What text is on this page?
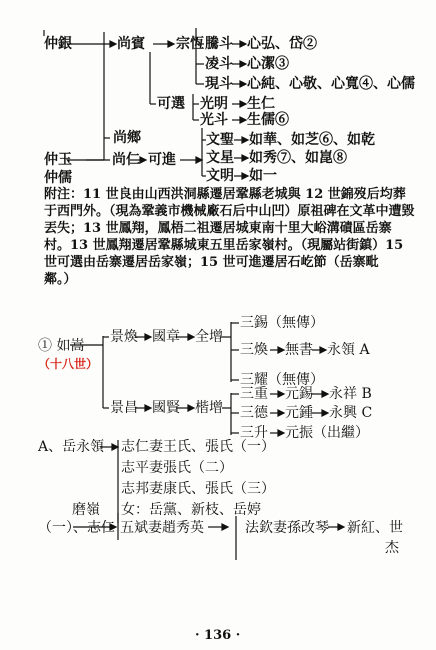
仲銀	尚賓 宗恆 騰斗
凌斗
現斗
心弘、岱②
心潔③
心純、心敬、心寬④、心儒
可選 光明
光斗
生仁
生儒⑥
尚鄉
仲玉	尚仁 可進
仲儒
文聖
文星
文明
如華、如芝⑥、如乾
如秀⑦、如崑⑧
如一

附注：11 世良由山西洪洞縣遷居鞏縣老城與 12 世錦歿后均葬

于西門外。（現為鞏義市機械廠石后中山凹）原祖碑在文革中遭毀

丟失；13 世鳳翔，鳳梧二祖遷居城東南十里大峪溝磧區岳寨

村。13 世鳳翔遷居鞏縣城東五里岳家嶺村。（現屬站街鎮）15

世可選由岳寨遷居岳家嶺；15 世可進遷居石屹節（岳寨毗

鄰。）

① 如嵩
（十八世）
景煥 國章 全增
三錫（無傳）
三煥 無書 永領 A
三耀（無傳）
景昌 國賢 楷增
三重
三德
三升
元錫
元鍾
元振（出繼）
永祥 B
永興 C
A、岳永領 志仁妻王氏、張氏（一）
志平妻張氏（二）
志邦妻康氏、張氏（三）
女：岳黨、新枝、岳婷
磨嶺
（一）、志仁 五斌妻趙秀英	法欽妻孫改琴 新紅、世
杰
· 136 ·
